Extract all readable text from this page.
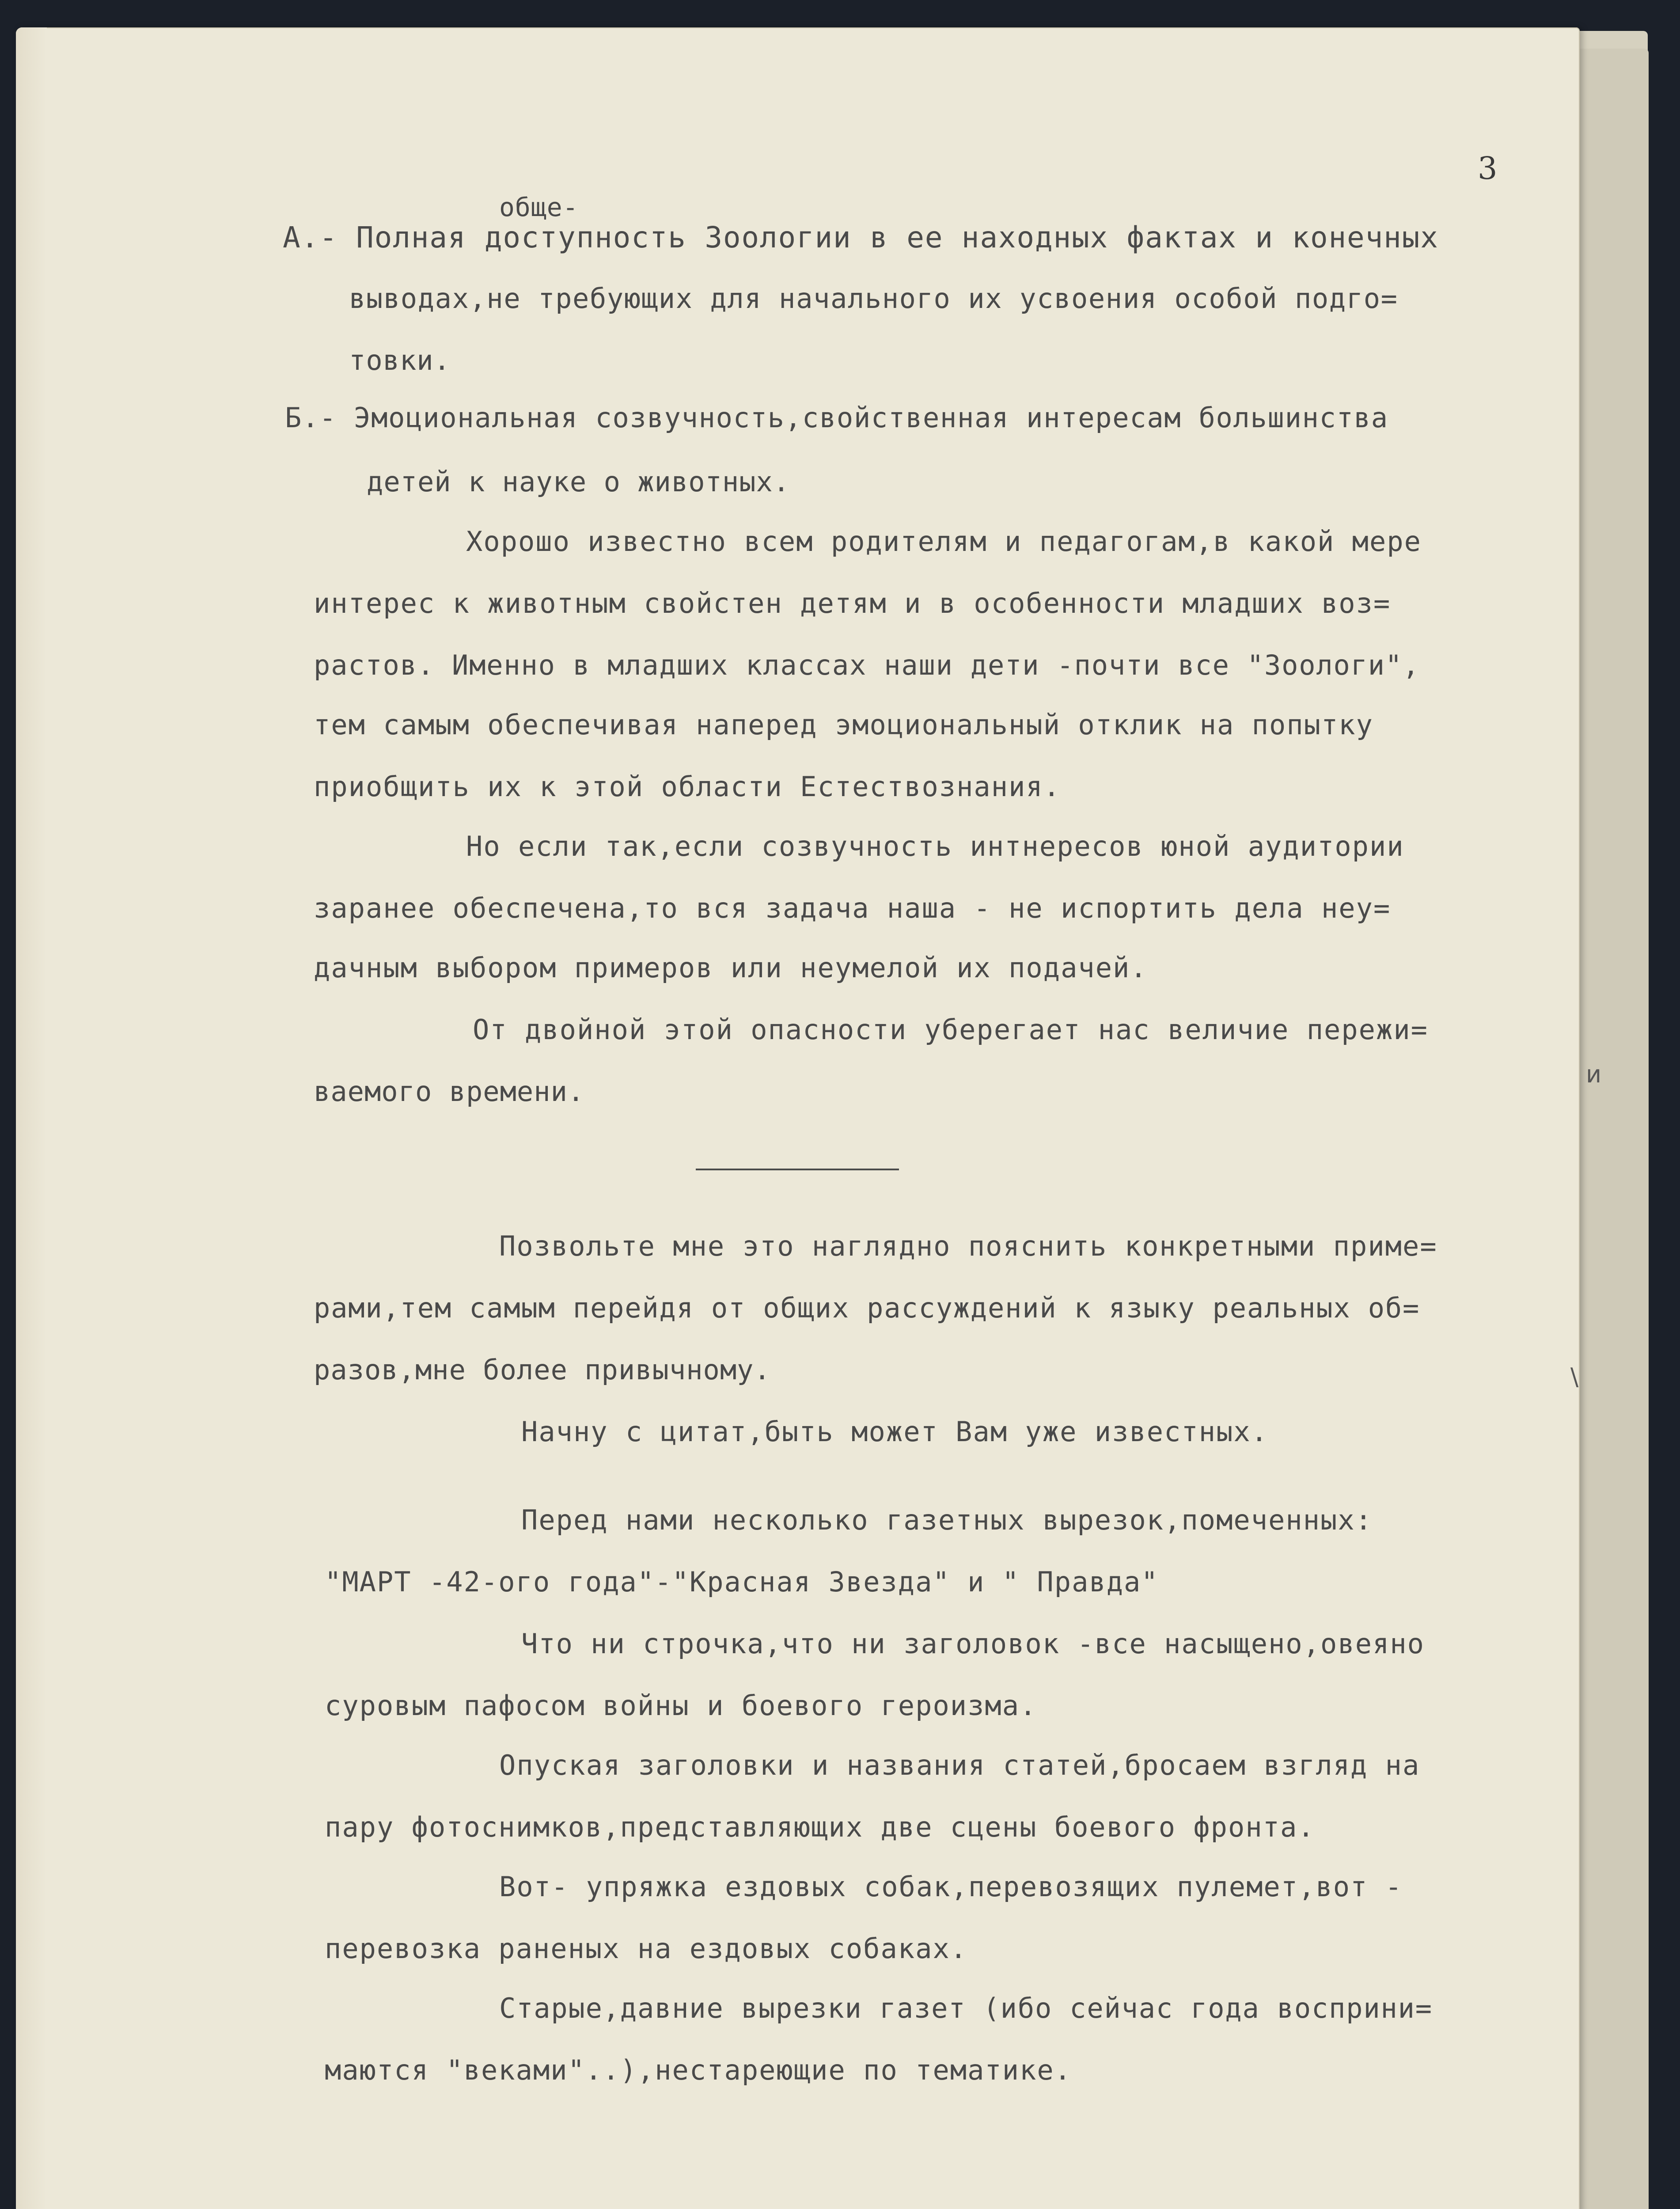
3
обще-
А.- Полная доступность Зоологии в ее находных фактах и конечных
выводах,не требующих для начального их усвоения особой подго=
товки.
Б.- Эмоциональная созвучность,свойственная интересам большинства
детей к науке о животных.
Хорошо известно всем родителям и педагогам,в какой мере
интерес к животным свойстен детям и в особенности младших воз=
растов. Именно в младших классах наши дети -почти все "Зоологи",
тем самым обеспечивая наперед эмоциональный отклик на попытку
приобщить их к этой области Естествознания.
Но если так,если созвучность интнересов юной аудитории
заранее обеспечена,то вся задача наша - не испортить дела неу=
дачным выбором примеров или неумелой их подачей.
От двойной этой опасности уберегает нас величие пережи=
ваемого времени.
Позвольте мне это наглядно пояснить конкретными приме=
рами,тем самым перейдя от общих рассуждений к языку реальных об=
разов,мне более привычному.
Начну с цитат,быть может Вам уже известных.
Перед нами несколько газетных вырезок,помеченных:
"МАРТ -42-ого года"-"Красная Звезда" и " Правда"
Что ни строчка,что ни заголовок -все насыщено,овеяно
суровым пафосом войны и боевого героизма.
Опуская заголовки и названия статей,бросаем взгляд на
пару фотоснимков,представляющих две сцены боевого фронта.
Вот- упряжка ездовых собак,перевозящих пулемет,вот -
перевозка раненых на ездовых собаках.
Старые,давние вырезки газет (ибо сейчас года восприни=
маются "веками"..),нестареющие по тематике.
и
\
